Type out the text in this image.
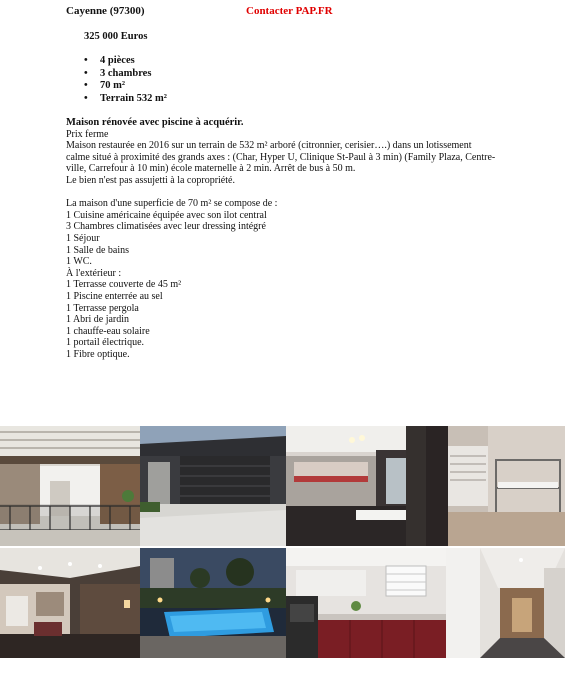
Cayenne (97300)	Contacter PAP.FR
325 000 Euros
• 4 pièces
• 3 chambres
• 70 m²
• Terrain 532 m²
Maison rénovée avec piscine à acquérir.
Prix ferme
Maison restaurée en 2016 sur un terrain de 532 m² arboré (citronnier, cerisier….) dans un lotissement
calme situé à proximité des grands axes : (Char, Hyper U, Clinique St-Paul à 3 min) (Family Plaza, Centre-
ville, Carrefour à 10 min) école maternelle à 2 min. Arrêt de bus à 50 m.
Le bien n'est pas assujetti à la copropriété.
La maison d'une superficie de 70 m² se compose de :
1 Cuisine américaine équipée avec son ilot central
3 Chambres climatisées avec leur dressing intégré
1 Séjour
1 Salle de bains
1 WC.
À l'extérieur :
1 Terrasse couverte de 45 m²
1 Piscine enterrée au sel
1 Terrasse pergola
1 Abri de jardin
1 chauffe-eau solaire
1 portail électrique.
1 Fibre optique.
